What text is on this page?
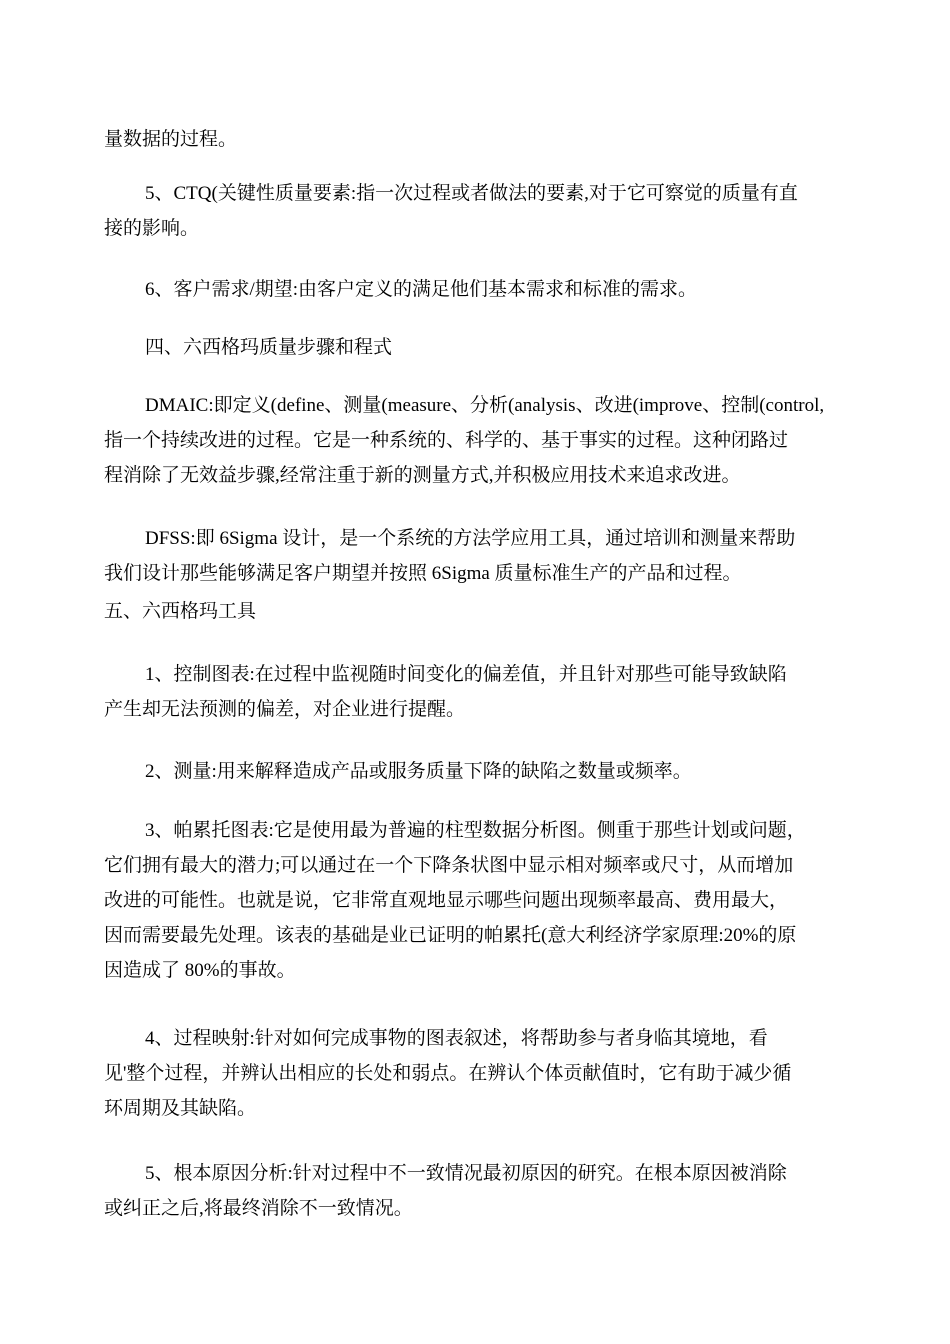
量数据的过程。

5、CTQ(关键性质量要素:指一次过程或者做法的要素,对于它可察觉的质量有直
接的影响。

6、客户需求/期望:由客户定义的满足他们基本需求和标准的需求。

四、六西格玛质量步骤和程式

DMAIC:即定义(define、测量(measure、分析(analysis、改进(improve、控制(control,
指一个持续改进的过程。它是一种系统的、科学的、基于事实的过程。这种闭路过
程消除了无效益步骤,经常注重于新的测量方式,并积极应用技术来追求改进。

DFSS:即 6Sigma 设计，是一个系统的方法学应用工具，通过培训和测量来帮助
我们设计那些能够满足客户期望并按照 6Sigma 质量标准生产的产品和过程。

五、六西格玛工具

1、控制图表:在过程中监视随时间变化的偏差值，并且针对那些可能导致缺陷
产生却无法预测的偏差，对企业进行提醒。

2、测量:用来解释造成产品或服务质量下降的缺陷之数量或频率。

3、帕累托图表:它是使用最为普遍的柱型数据分析图。侧重于那些计划或问题，
它们拥有最大的潜力;可以通过在一个下降条状图中显示相对频率或尺寸，从而增加
改进的可能性。也就是说，它非常直观地显示哪些问题出现频率最高、费用最大，
因而需要最先处理。该表的基础是业已证明的帕累托(意大利经济学家原理:20%的原
因造成了 80%的事故。

4、过程映射:针对如何完成事物的图表叙述，将帮助参与者身临其境地，看
见'整个过程，并辨认出相应的长处和弱点。在辨认个体贡献值时，它有助于减少循
环周期及其缺陷。

5、根本原因分析:针对过程中不一致情况最初原因的研究。在根本原因被消除
或纠正之后,将最终消除不一致情况。
